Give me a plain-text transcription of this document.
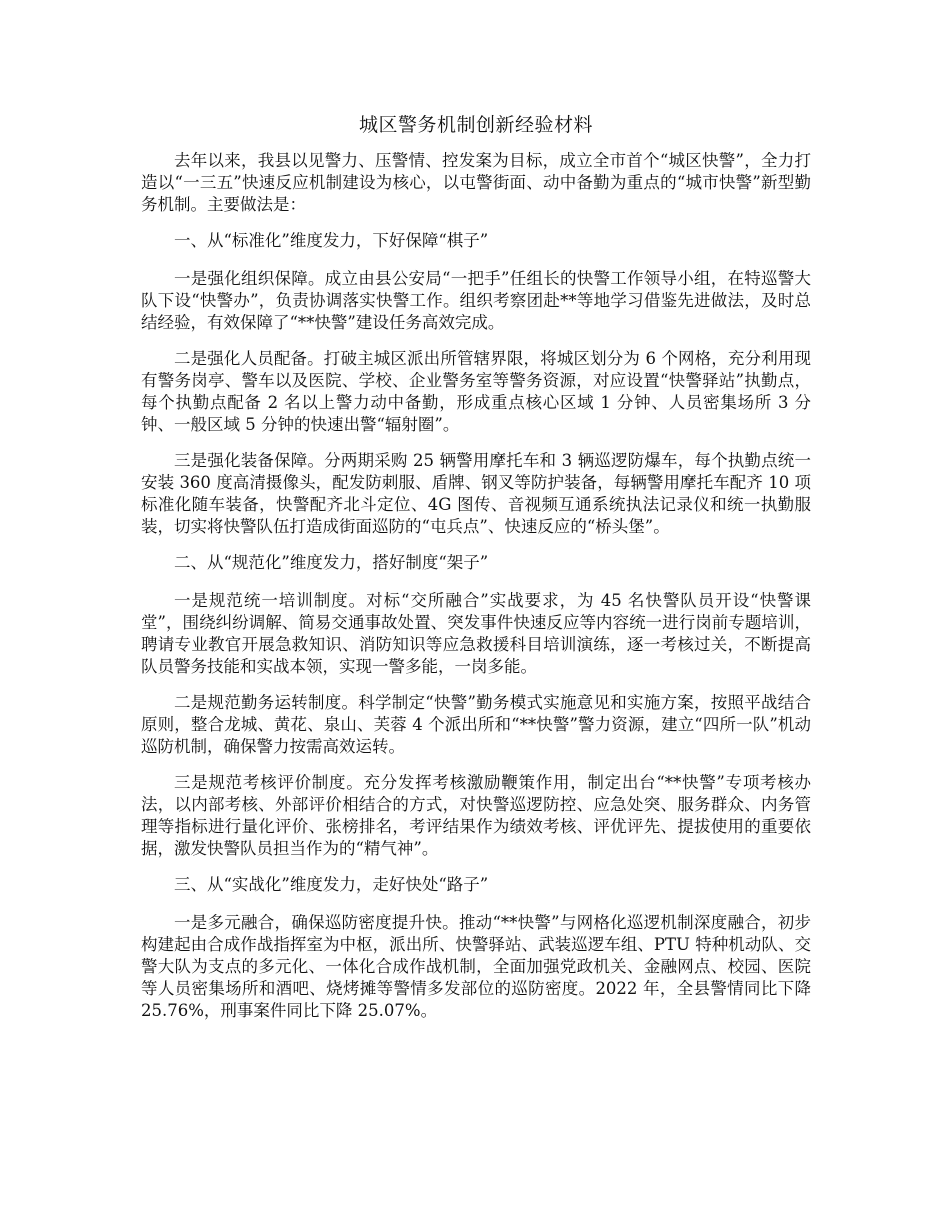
城区警务机制创新经验材料

去年以来，我县以见警力、压警情、控发案为目标，成立全市首个“城区快警”，全力打造以“一三五”快速反应机制建设为核心，以屯警街面、动中备勤为重点的“城市快警”新型勤务机制。主要做法是：

一、从“标准化”维度发力，下好保障“棋子”

一是强化组织保障。成立由县公安局“一把手”任组长的快警工作领导小组，在特巡警大队下设“快警办”，负责协调落实快警工作。组织考察团赴**等地学习借鉴先进做法，及时总结经验，有效保障了“**快警”建设任务高效完成。

二是强化人员配备。打破主城区派出所管辖界限，将城区划分为 6 个网格，充分利用现有警务岗亭、警车以及医院、学校、企业警务室等警务资源，对应设置“快警驿站”执勤点，每个执勤点配备 2 名以上警力动中备勤，形成重点核心区域 1 分钟、人员密集场所 3 分钟、一般区域 5 分钟的快速出警“辐射圈”。

三是强化装备保障。分两期采购 25 辆警用摩托车和 3 辆巡逻防爆车，每个执勤点统一安装 360 度高清摄像头，配发防刺服、盾牌、钢叉等防护装备，每辆警用摩托车配齐 10 项标准化随车装备，快警配齐北斗定位、4G 图传、音视频互通系统执法记录仪和统一执勤服装，切实将快警队伍打造成街面巡防的“屯兵点”、快速反应的“桥头堡”。

二、从“规范化”维度发力，搭好制度“架子”

一是规范统一培训制度。对标“交所融合”实战要求，为 45 名快警队员开设“快警课堂”，围绕纠纷调解、简易交通事故处置、突发事件快速反应等内容统一进行岗前专题培训，聘请专业教官开展急救知识、消防知识等应急救援科目培训演练，逐一考核过关，不断提高队员警务技能和实战本领，实现一警多能，一岗多能。

二是规范勤务运转制度。科学制定“快警”勤务模式实施意见和实施方案，按照平战结合原则，整合龙城、黄花、泉山、芙蓉 4 个派出所和“**快警”警力资源，建立“四所一队”机动巡防机制，确保警力按需高效运转。

三是规范考核评价制度。充分发挥考核激励鞭策作用，制定出台“**快警”专项考核办法，以内部考核、外部评价相结合的方式，对快警巡逻防控、应急处突、服务群众、内务管理等指标进行量化评价、张榜排名，考评结果作为绩效考核、评优评先、提拔使用的重要依据，激发快警队员担当作为的“精气神”。

三、从“实战化”维度发力，走好快处“路子”

一是多元融合，确保巡防密度提升快。推动“**快警”与网格化巡逻机制深度融合，初步构建起由合成作战指挥室为中枢，派出所、快警驿站、武装巡逻车组、PTU 特种机动队、交警大队为支点的多元化、一体化合成作战机制，全面加强党政机关、金融网点、校园、医院等人员密集场所和酒吧、烧烤摊等警情多发部位的巡防密度。2022 年，全县警情同比下降 25.76%，刑事案件同比下降 25.07%。
